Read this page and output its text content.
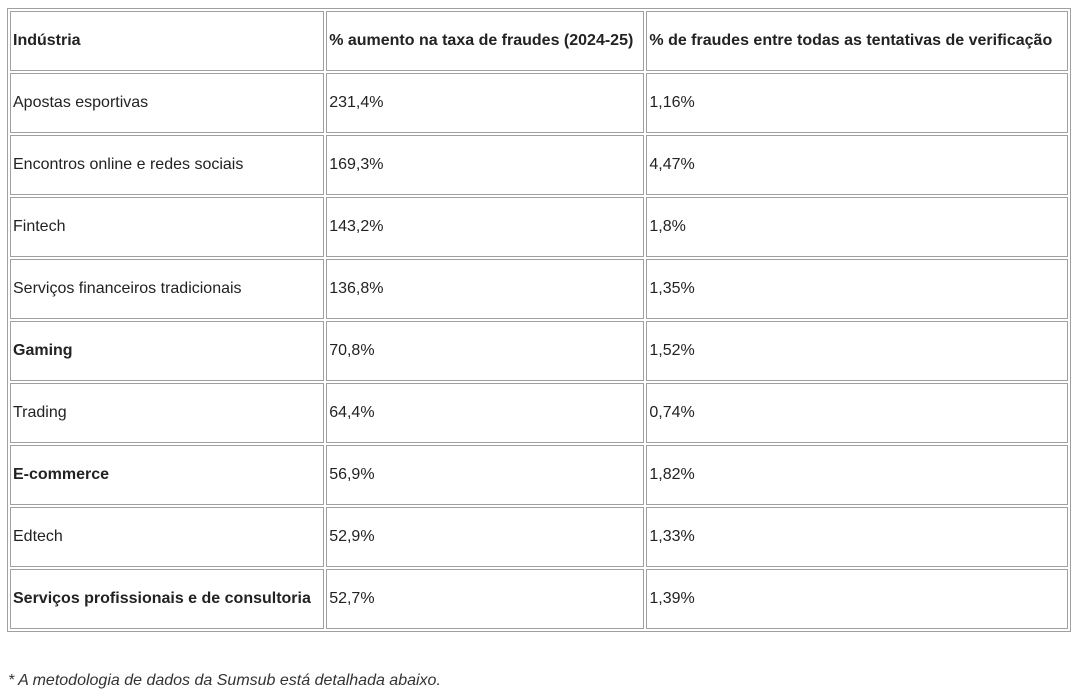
Indústria	% aumento na taxa de fraudes (2024-25)	% de fraudes entre todas as tentativas de verificação
Apostas esportivas	231,4%	1,16%
Encontros online e redes sociais	169,3%	4,47%
Fintech	143,2%	1,8%
Serviços financeiros tradicionais	136,8%	1,35%
Gaming	70,8%	1,52%
Trading	64,4%	0,74%
E-commerce	56,9%	1,82%
Edtech	52,9%	1,33%
Serviços profissionais e de consultoria	52,7%	1,39%
* A metodologia de dados da Sumsub está detalhada abaixo.
